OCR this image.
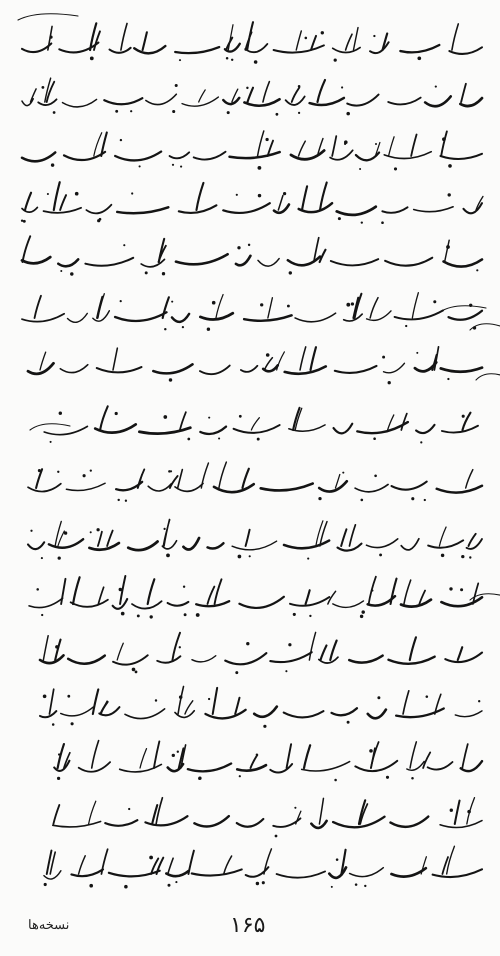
۱۶۵
نسخه‌ها
